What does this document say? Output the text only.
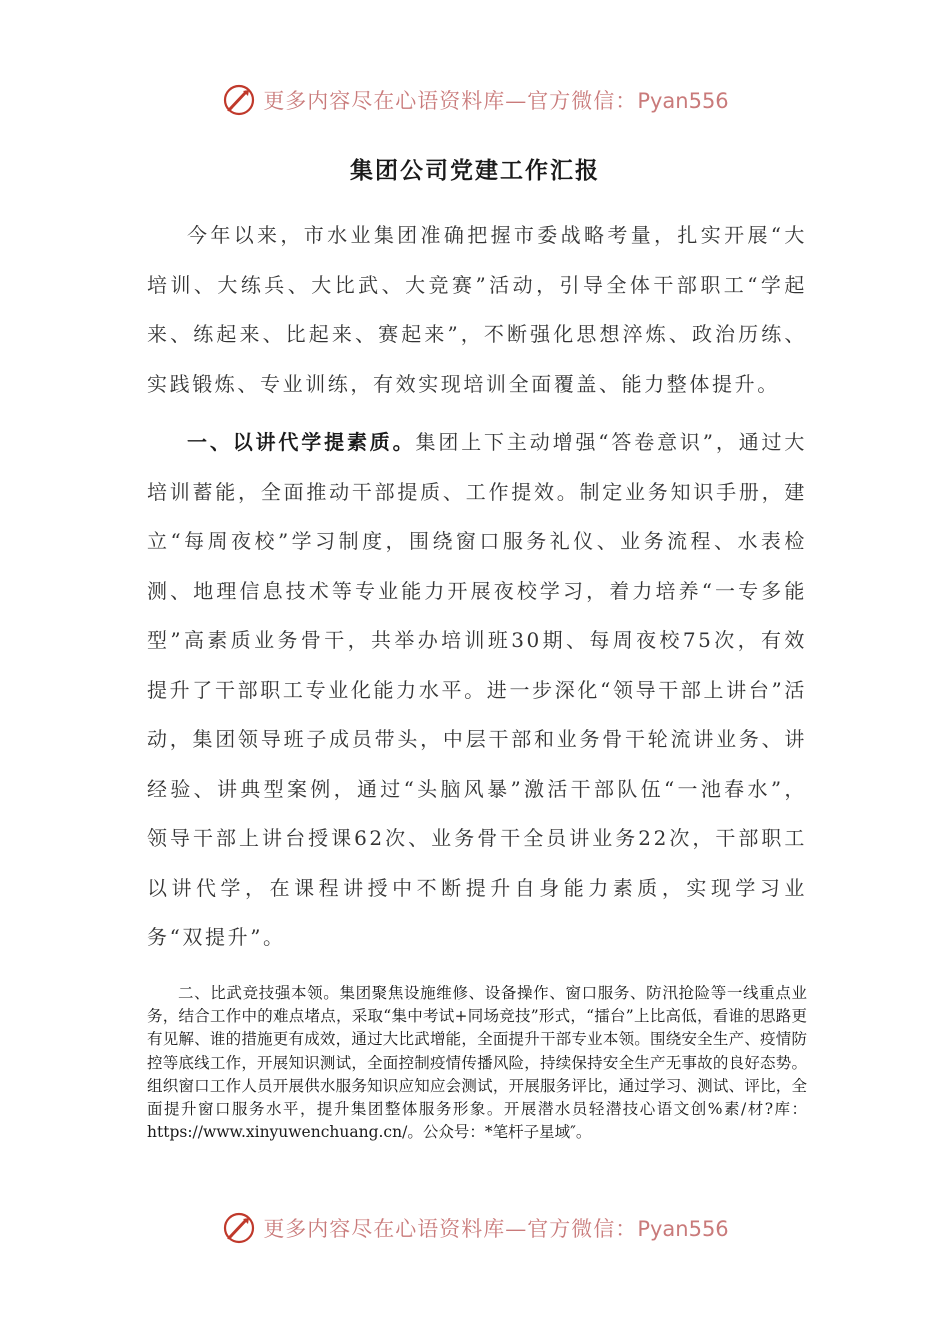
更多内容尽在心语资料库—官方微信：Pyan556
集团公司党建工作汇报

今年以来，市水业集团准确把握市委战略考量，扎实开展“大培训、大练兵、大比武、大竞赛”活动，引导全体干部职工“学起来、练起来、比起来、赛起来”，不断强化思想淬炼、政治历练、实践锻炼、专业训练，有效实现培训全面覆盖、能力整体提升。

一、以讲代学提素质。集团上下主动增强“答卷意识”，通过大培训蓄能，全面推动干部提质、工作提效。制定业务知识手册，建立“每周夜校”学习制度，围绕窗口服务礼仪、业务流程、水表检测、地理信息技术等专业能力开展夜校学习，着力培养“一专多能型”高素质业务骨干，共举办培训班30期、每周夜校75次，有效提升了干部职工专业化能力水平。进一步深化“领导干部上讲台”活动，集团领导班子成员带头，中层干部和业务骨干轮流讲业务、讲经验、讲典型案例，通过“头脑风暴”激活干部队伍“一池春水”，领导干部上讲台授课62次、业务骨干全员讲业务22次，干部职工以讲代学，在课程讲授中不断提升自身能力素质，实现学习业务“双提升”。

二、比武竞技强本领。集团聚焦设施维修、设备操作、窗口服务、防汛抢险等一线重点业务，结合工作中的难点堵点，采取“集中考试+同场竞技”形式，“擂台”上比高低，看谁的思路更有见解、谁的措施更有成效，通过大比武增能，全面提升干部专业本领。围绕安全生产、疫情防控等底线工作，开展知识测试，全面控制疫情传播风险，持续保持安全生产无事故的良好态势。组织窗口工作人员开展供水服务知识应知应会测试，开展服务评比，通过学习、测试、评比，全面提升窗口服务水平，提升集团整体服务形象。开展潜水员轻潜技心语文创%素/材?库：https://www.xinyuwenchuang.cn/。公众号：*笔杆子星域″。

更多内容尽在心语资料库—官方微信：Pyan556
